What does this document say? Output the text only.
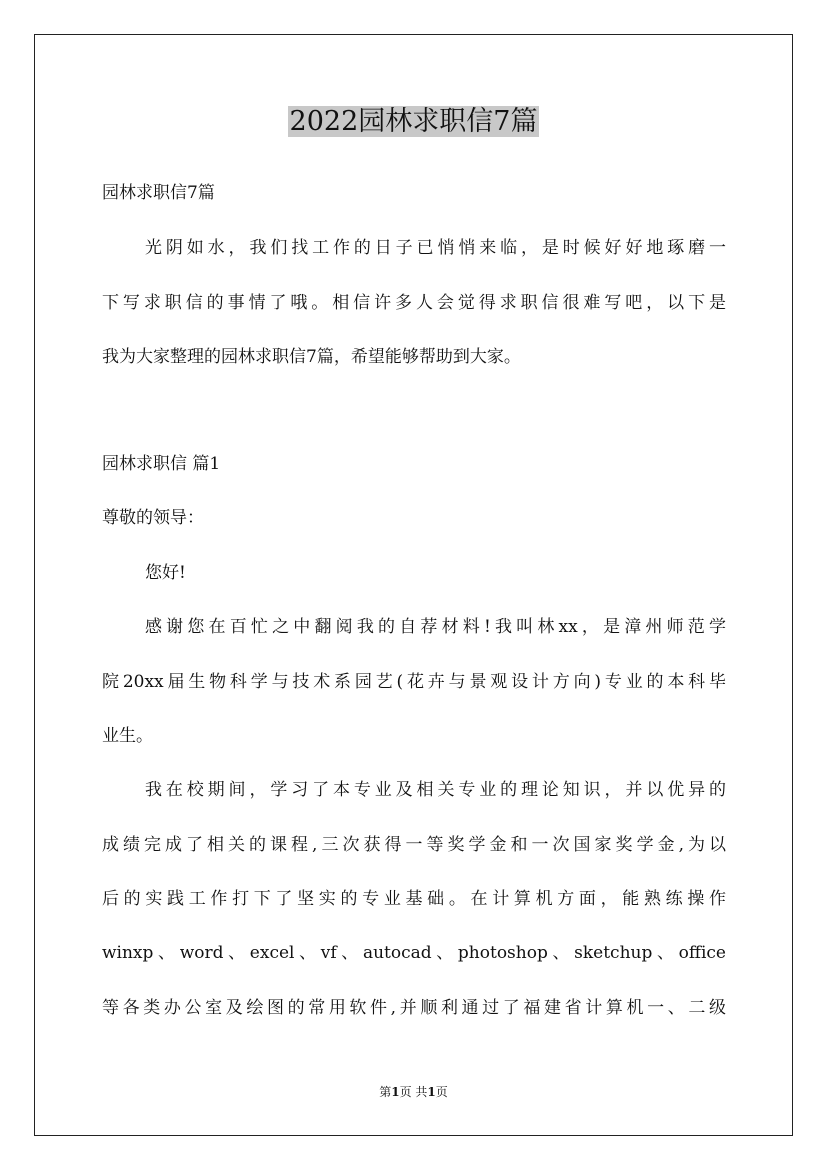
2022园林求职信7篇

园林求职信7篇

光阴如水，我们找工作的日子已悄悄来临，是时候好好地琢磨一

下写求职信的事情了哦。相信许多人会觉得求职信很难写吧，以下是

我为大家整理的园林求职信7篇，希望能够帮助到大家。

园林求职信 篇1

尊敬的领导：

您好!

感谢您在百忙之中翻阅我的自荐材料!我叫林xx，是漳州师范学

院20xx届生物科学与技术系园艺(花卉与景观设计方向)专业的本科毕

业生。

我在校期间，学习了本专业及相关专业的理论知识，并以优异的

成绩完成了相关的课程,三次获得一等奖学金和一次国家奖学金,为以

后的实践工作打下了坚实的专业基础。在计算机方面，能熟练操作

winxp、word、excel、vf、autocad、photoshop、sketchup、office

等各类办公室及绘图的常用软件,并顺利通过了福建省计算机一、二级

第1页 共1页
